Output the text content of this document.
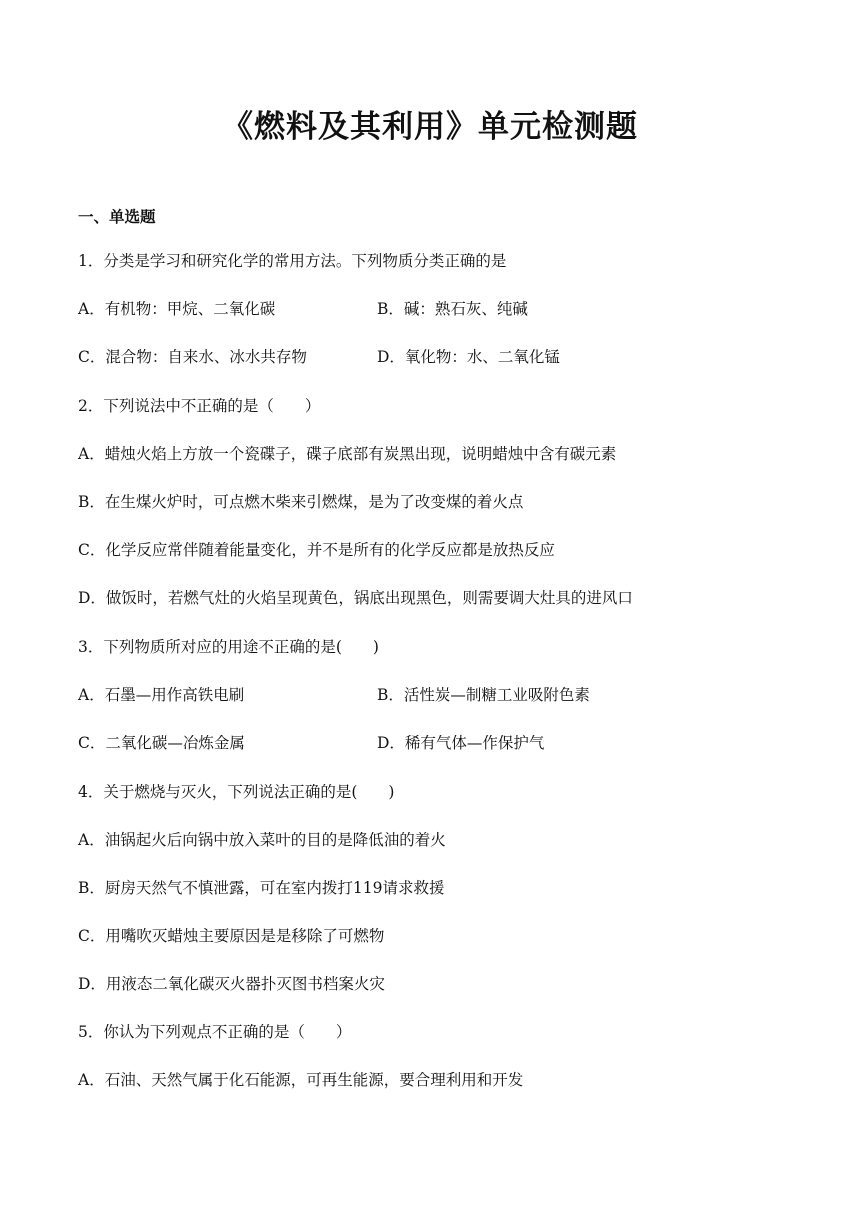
《燃料及其利用》单元检测题
一、单选题
1．分类是学习和研究化学的常用方法。下列物质分类正确的是
A．有机物：甲烷、二氧化碳	B．碱：熟石灰、纯碱
C．混合物：自来水、冰水共存物	D．氧化物：水、二氧化锰
2．下列说法中不正确的是（　　）
A．蜡烛火焰上方放一个瓷碟子，碟子底部有炭黑出现，说明蜡烛中含有碳元素
B．在生煤火炉时，可点燃木柴来引燃煤，是为了改变煤的着火点
C．化学反应常伴随着能量变化，并不是所有的化学反应都是放热反应
D．做饭时，若燃气灶的火焰呈现黄色，锅底出现黑色，则需要调大灶具的进风口
3．下列物质所对应的用途不正确的是(　　)
A．石墨—用作高铁电刷	B．活性炭—制糖工业吸附色素
C．二氧化碳—冶炼金属	D．稀有气体—作保护气
4．关于燃烧与灭火，下列说法正确的是(　　)
A．油锅起火后向锅中放入菜叶的目的是降低油的着火
B．厨房天然气不慎泄露，可在室内拨打119请求救援
C．用嘴吹灭蜡烛主要原因是是移除了可燃物
D．用液态二氧化碳灭火器扑灭图书档案火灾
5．你认为下列观点不正确的是（　　）
A．石油、天然气属于化石能源，可再生能源，要合理利用和开发
